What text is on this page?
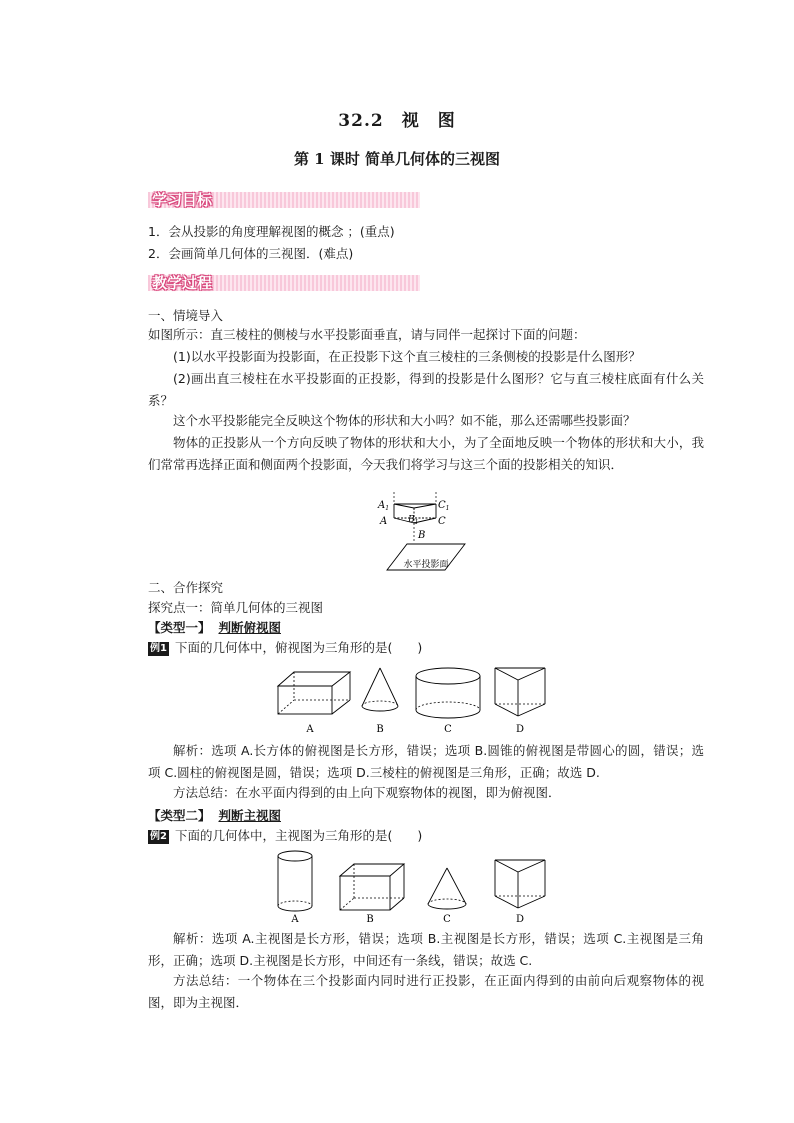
32.2　视　图
第 1 课时 简单几何体的三视图
学习目标
1．会从投影的角度理解视图的概念 ；(重点)
2．会画简单几何体的三视图．(难点)
教学过程
一、情境导入
如图所示：直三棱柱的侧棱与水平投影面垂直，请与同伴一起探讨下面的问题：
(1)以水平投影面为投影面，在正投影下这个直三棱柱的三条侧棱的投影是什么图形？
(2)画出直三棱柱在水平投影面的正投影，得到的投影是什么图形？它与直三棱柱底面有什么关系？
这个水平投影能完全反映这个物体的形状和大小吗？如不能，那么还需哪些投影面？
物体的正投影从一个方向反映了物体的形状和大小，为了全面地反映一个物体的形状和大小，我们常常再选择正面和侧面两个投影面，今天我们将学习与这三个面的投影相关的知识．
$A_1$	$C_1$
A $B_1$ C
B
水平投影面
二、合作探究
探究点一：简单几何体的三视图
【类型一】 判断俯视图
例1 下面的几何体中，俯视图为三角形的是(　　)
A	B	C	D
解析：选项 A.长方体的俯视图是长方形，错误；选项 B.圆锥的俯视图是带圆心的圆，错误；选项 C.圆柱的俯视图是圆，错误；选项 D.三棱柱的俯视图是三角形，正确；故选 D.
方法总结：在水平面内得到的由上向下观察物体的视图，即为俯视图．
【类型二】 判断主视图
例2 下面的几何体中，主视图为三角形的是(　　)
A	B	C	D
解析：选项 A.主视图是长方形，错误；选项 B.主视图是长方形，错误；选项 C.主视图是三角形，正确；选项 D.主视图是长方形，中间还有一条线，错误；故选 C.
方法总结：一个物体在三个投影面内同时进行正投影，在正面内得到的由前向后观察物体的视图，即为主视图．
